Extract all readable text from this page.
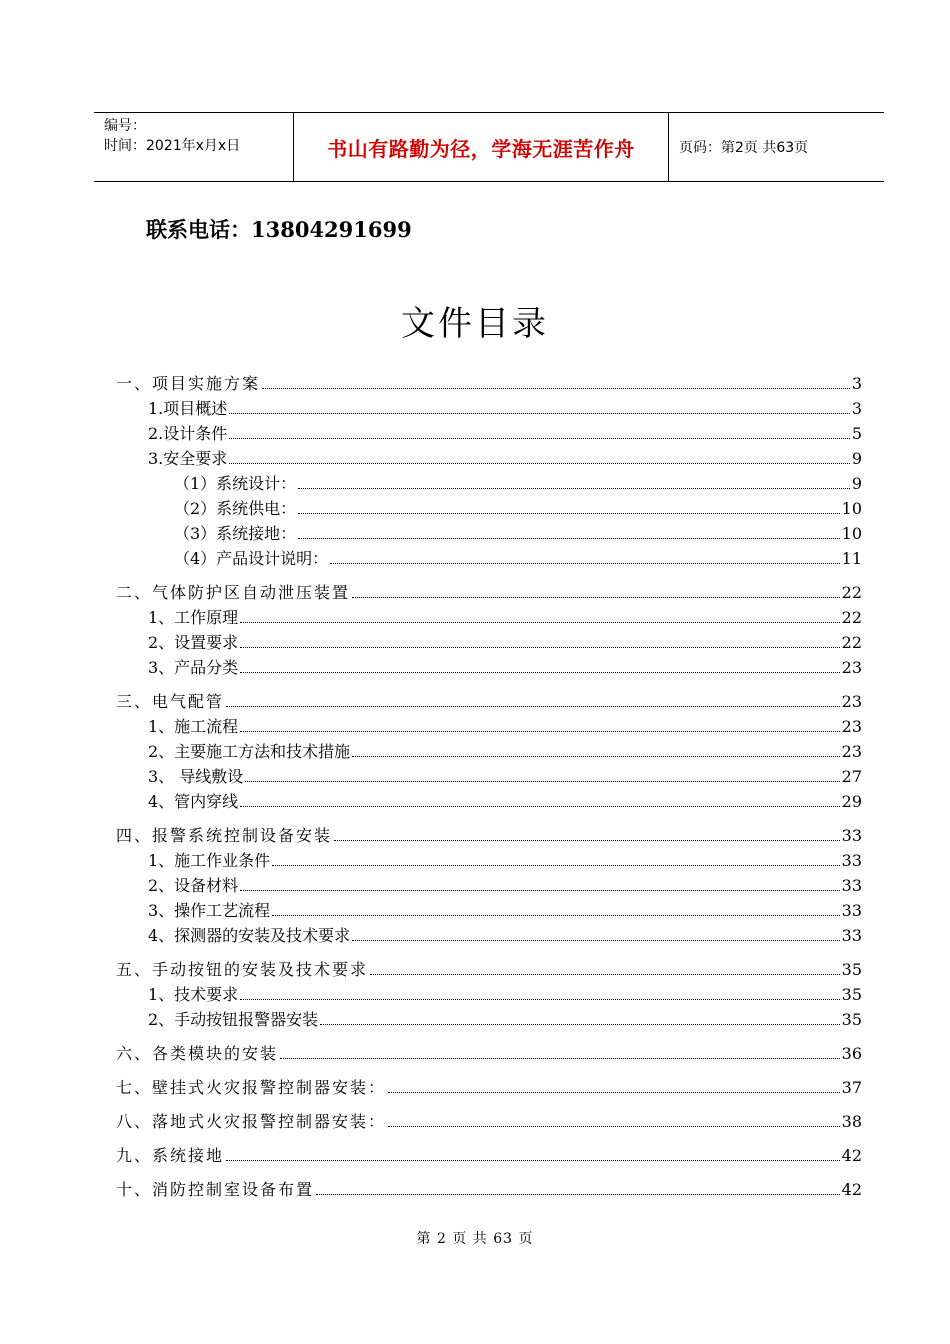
编号：
时间：2021年x月x日	书山有路勤为径，学海无涯苦作舟	页码：第2页 共63页
联系电话：13804291699
文件目录
一、项目实施方案	3
1.项目概述	3
2.设计条件	5
3.安全要求	9
（1）系统设计：	9
（2）系统供电：	10
（3）系统接地：	10
（4）产品设计说明：	11
二、气体防护区自动泄压装置	22
1、工作原理	22
2、设置要求	22
3、产品分类	23
三、电气配管	23
1、施工流程	23
2、主要施工方法和技术措施	23
3、 导线敷设	27
4、管内穿线	29
四、报警系统控制设备安装	33
1、施工作业条件	33
2、设备材料	33
3、操作工艺流程	33
4、探测器的安装及技术要求	33
五、手动按钮的安装及技术要求	35
1、技术要求	35
2、手动按钮报警器安装	35
六、各类模块的安装	36
七、壁挂式火灾报警控制器安装：	37
八、落地式火灾报警控制器安装：	38
九、系统接地	42
十、消防控制室设备布置	42
第 2 页 共 63 页
